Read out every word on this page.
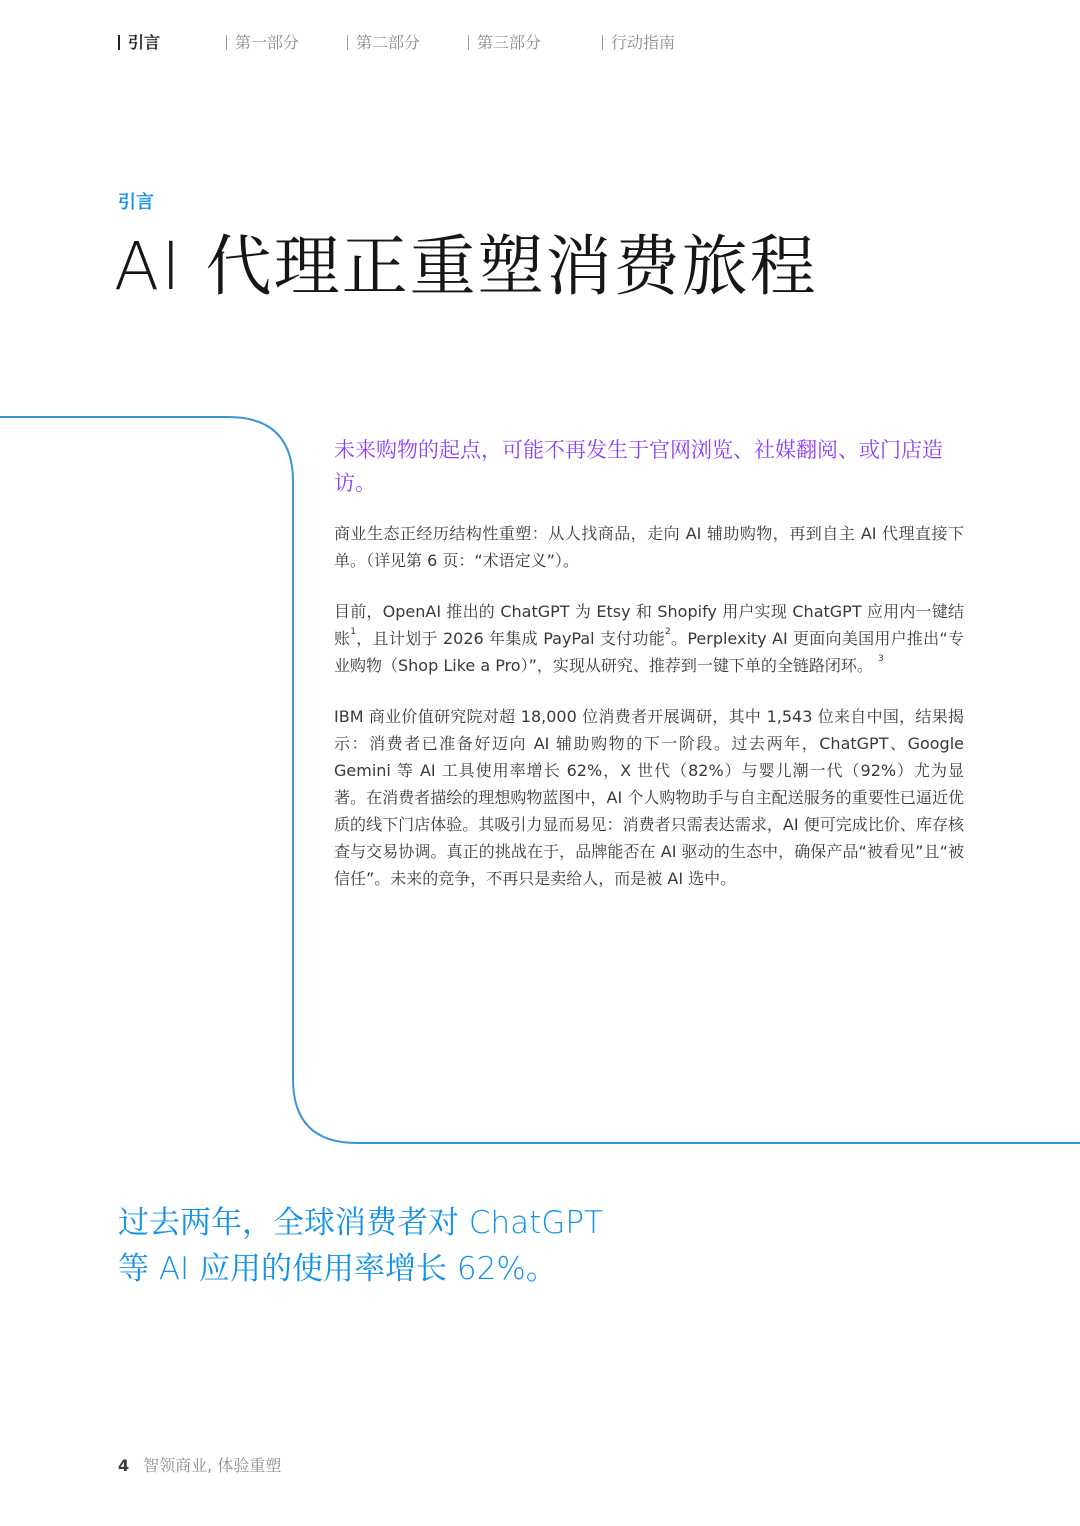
引言	第一部分	第二部分	第三部分	行动指南
引言
AI 代理正重塑消费旅程

未来购物的起点，可能不再发生于官网浏览、社媒翻阅、或门店造访。

商业生态正经历结构性重塑：从人找商品，走向 AI 辅助购物，再到自主 AI 代理直接下单。（详见第 6 页：“术语定义”）。

目前，OpenAI 推出的 ChatGPT 为 Etsy 和 Shopify 用户实现 ChatGPT 应用内一键结账$^1$，且计划于 2026 年集成 PayPal 支付功能$^2$。Perplexity AI 更面向美国用户推出“专业购物（Shop Like a Pro）”，实现从研究、推荐到一键下单的全链路闭环。 $^3$

IBM 商业价值研究院对超 18,000 位消费者开展调研，其中 1,543 位来自中国，结果揭示：消费者已准备好迈向 AI 辅助购物的下一阶段。过去两年，ChatGPT、Google Gemini 等 AI 工具使用率增长 62%，X 世代（82%）与婴儿潮一代（92%）尤为显著。在消费者描绘的理想购物蓝图中，AI 个人购物助手与自主配送服务的重要性已逼近优质的线下门店体验。其吸引力显而易见：消费者只需表达需求，AI 便可完成比价、库存核查与交易协调。真正的挑战在于，品牌能否在 AI 驱动的生态中，确保产品“被看见”且“被信任”。未来的竞争，不再只是卖给人，而是被 AI 选中。

过去两年，全球消费者对 ChatGPT
等 AI 应用的使用率增长 62%。
4 智领商业, 体验重塑
